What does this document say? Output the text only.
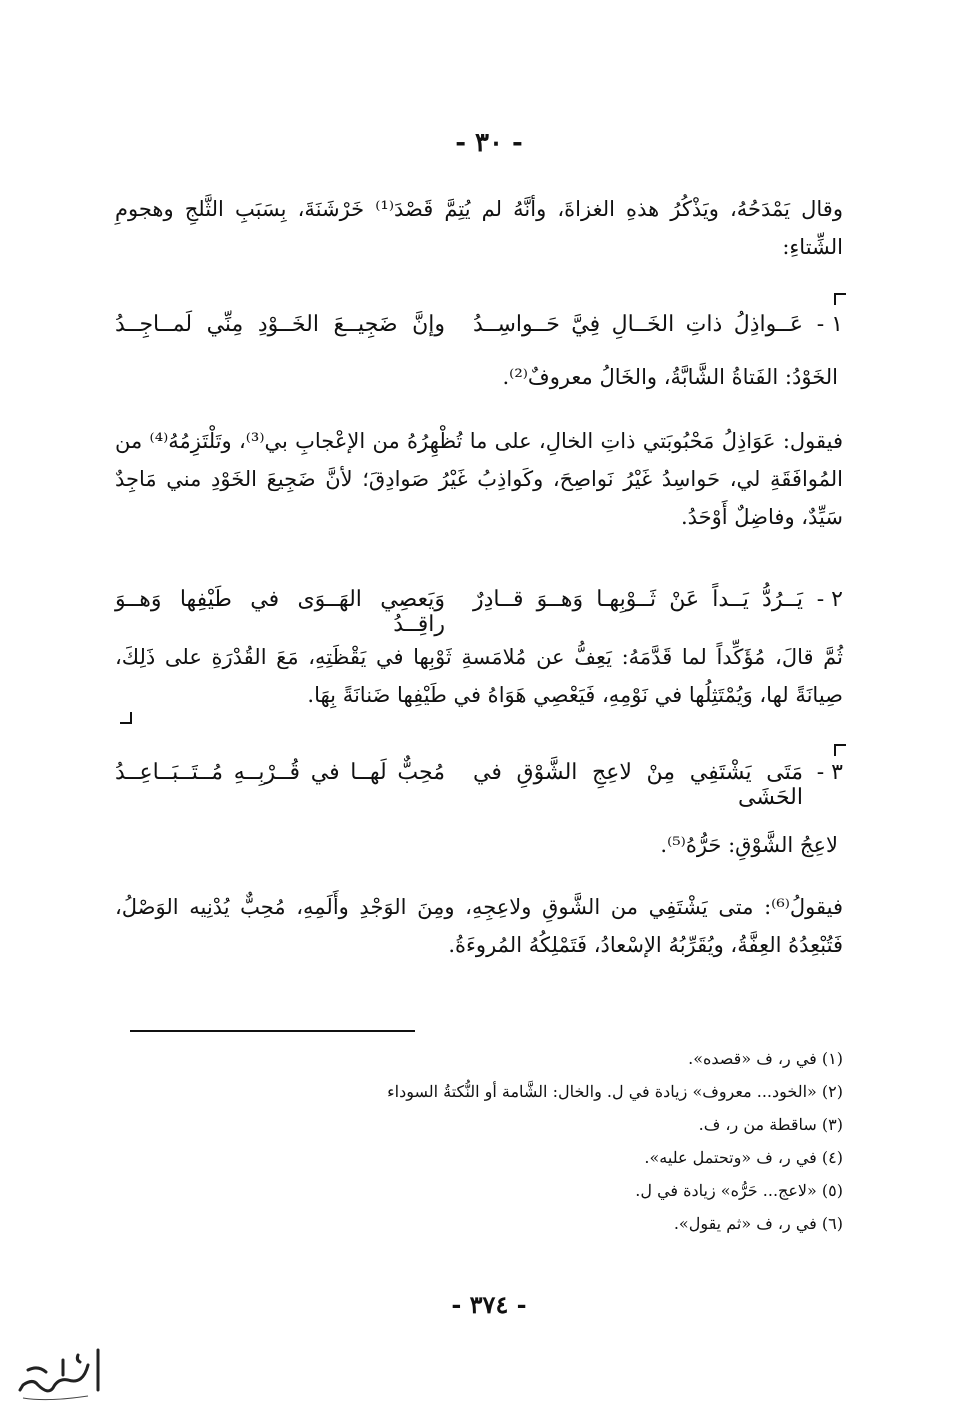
- ٣٠ -
وقال يَمْدَحُهُ، ويَذْكُرُ هذهِ الغزاةَ، وأنَّهُ لم يُتِمَّ قَصْدَ⁽¹⁾ خَرْشَنَةَ، بِسَبَبِ الثَّلجِ وهجومِ الشِّتاءِ:
١ -
عَــواذِلُ ذاتِ الخَــالِ فِيَّ حَــواسِــدُ
وإنَّ ضَجِيــعَ الخَــوْدِ مِنِّي لَمــاجِــدُ
الخَوْدُ: الفَتاةُ الشَّابَّةُ، والخَالُ معروفٌ⁽²⁾.
فيقول: عَوَاذِلُ مَحْبُوبَتي ذاتِ الخالِ، على ما تُظْهِرُهُ من الإعْجابِ بي⁽³⁾، وتَلْتَزِمُهُ⁽⁴⁾ من المُوافَقَةِ لي، حَواسِدُ غَيْرُ نَواصِحَ، وكَواذِبُ غَيْرُ صَوادِقَ؛ لأنَّ ضَجِيعَ الخَوْدِ مني مَاجِدٌ سَيِّدٌ، وفاضِلٌ أَوْحَدُ.
٢ -
يَــرُدُّ يَــداً عَنْ ثَــوْبِهـا وَهــوَ قــادِرٌ
وَيَعصِي الهَــوَى في طَيْفِها وَهــوَ راقِــدُ
ثُمَّ قالَ، مُؤَكِّداً لما قَدَّمَهُ: يَعِفُّ عن مُلامَسةِ ثَوْبِها في يَقْظَتِهِ، مَعَ القُدْرَةِ على ذَلِكَ، صِيانَةً لها، وَيُمْتَثِلُها في نَوْمِهِ، فَيَعْصِي هَوَاهُ في طَيْفِها ضَنانَةً بِهَا.
٣ -
مَتَى يَشْتَفِي مِنْ لاعِجِ الشَّوْقِ في الحَشَى
مُحِبٌّ لَهــا في قُــرْبِــهِ مُــتَــبَــاعِــدُ
لاعِجُ الشَّوْقِ: حَرُّهُ⁽⁵⁾.
فيقولُ⁽⁶⁾: متى يَشْتَفِي من الشَّوقِ ولاعِجِهِ، ومِنَ الوَجْدِ وأَلَمِهِ، مُحِبٌّ يُدْنِيه الوَصْلُ، فَتُبْعِدُهُ العِفَّةُ، ويُقَرِّبُهُ الإسْعادُ، فَتَمْلِكُهُ المُروءَةُ.
(١) في ر، ف «قصده».
(٢) «الخود... معروف» زيادة في ل. والخال: الشَّامة أو النُّكتةُ السوداء
(٣) ساقطة من ر، ف.
(٤) في ر، ف «وتحتمل عليه».
(٥) «لاعج... حَرُّه» زيادة في ل.
(٦) في ر، ف «ثم يقول».
- ٣٧٤ -
